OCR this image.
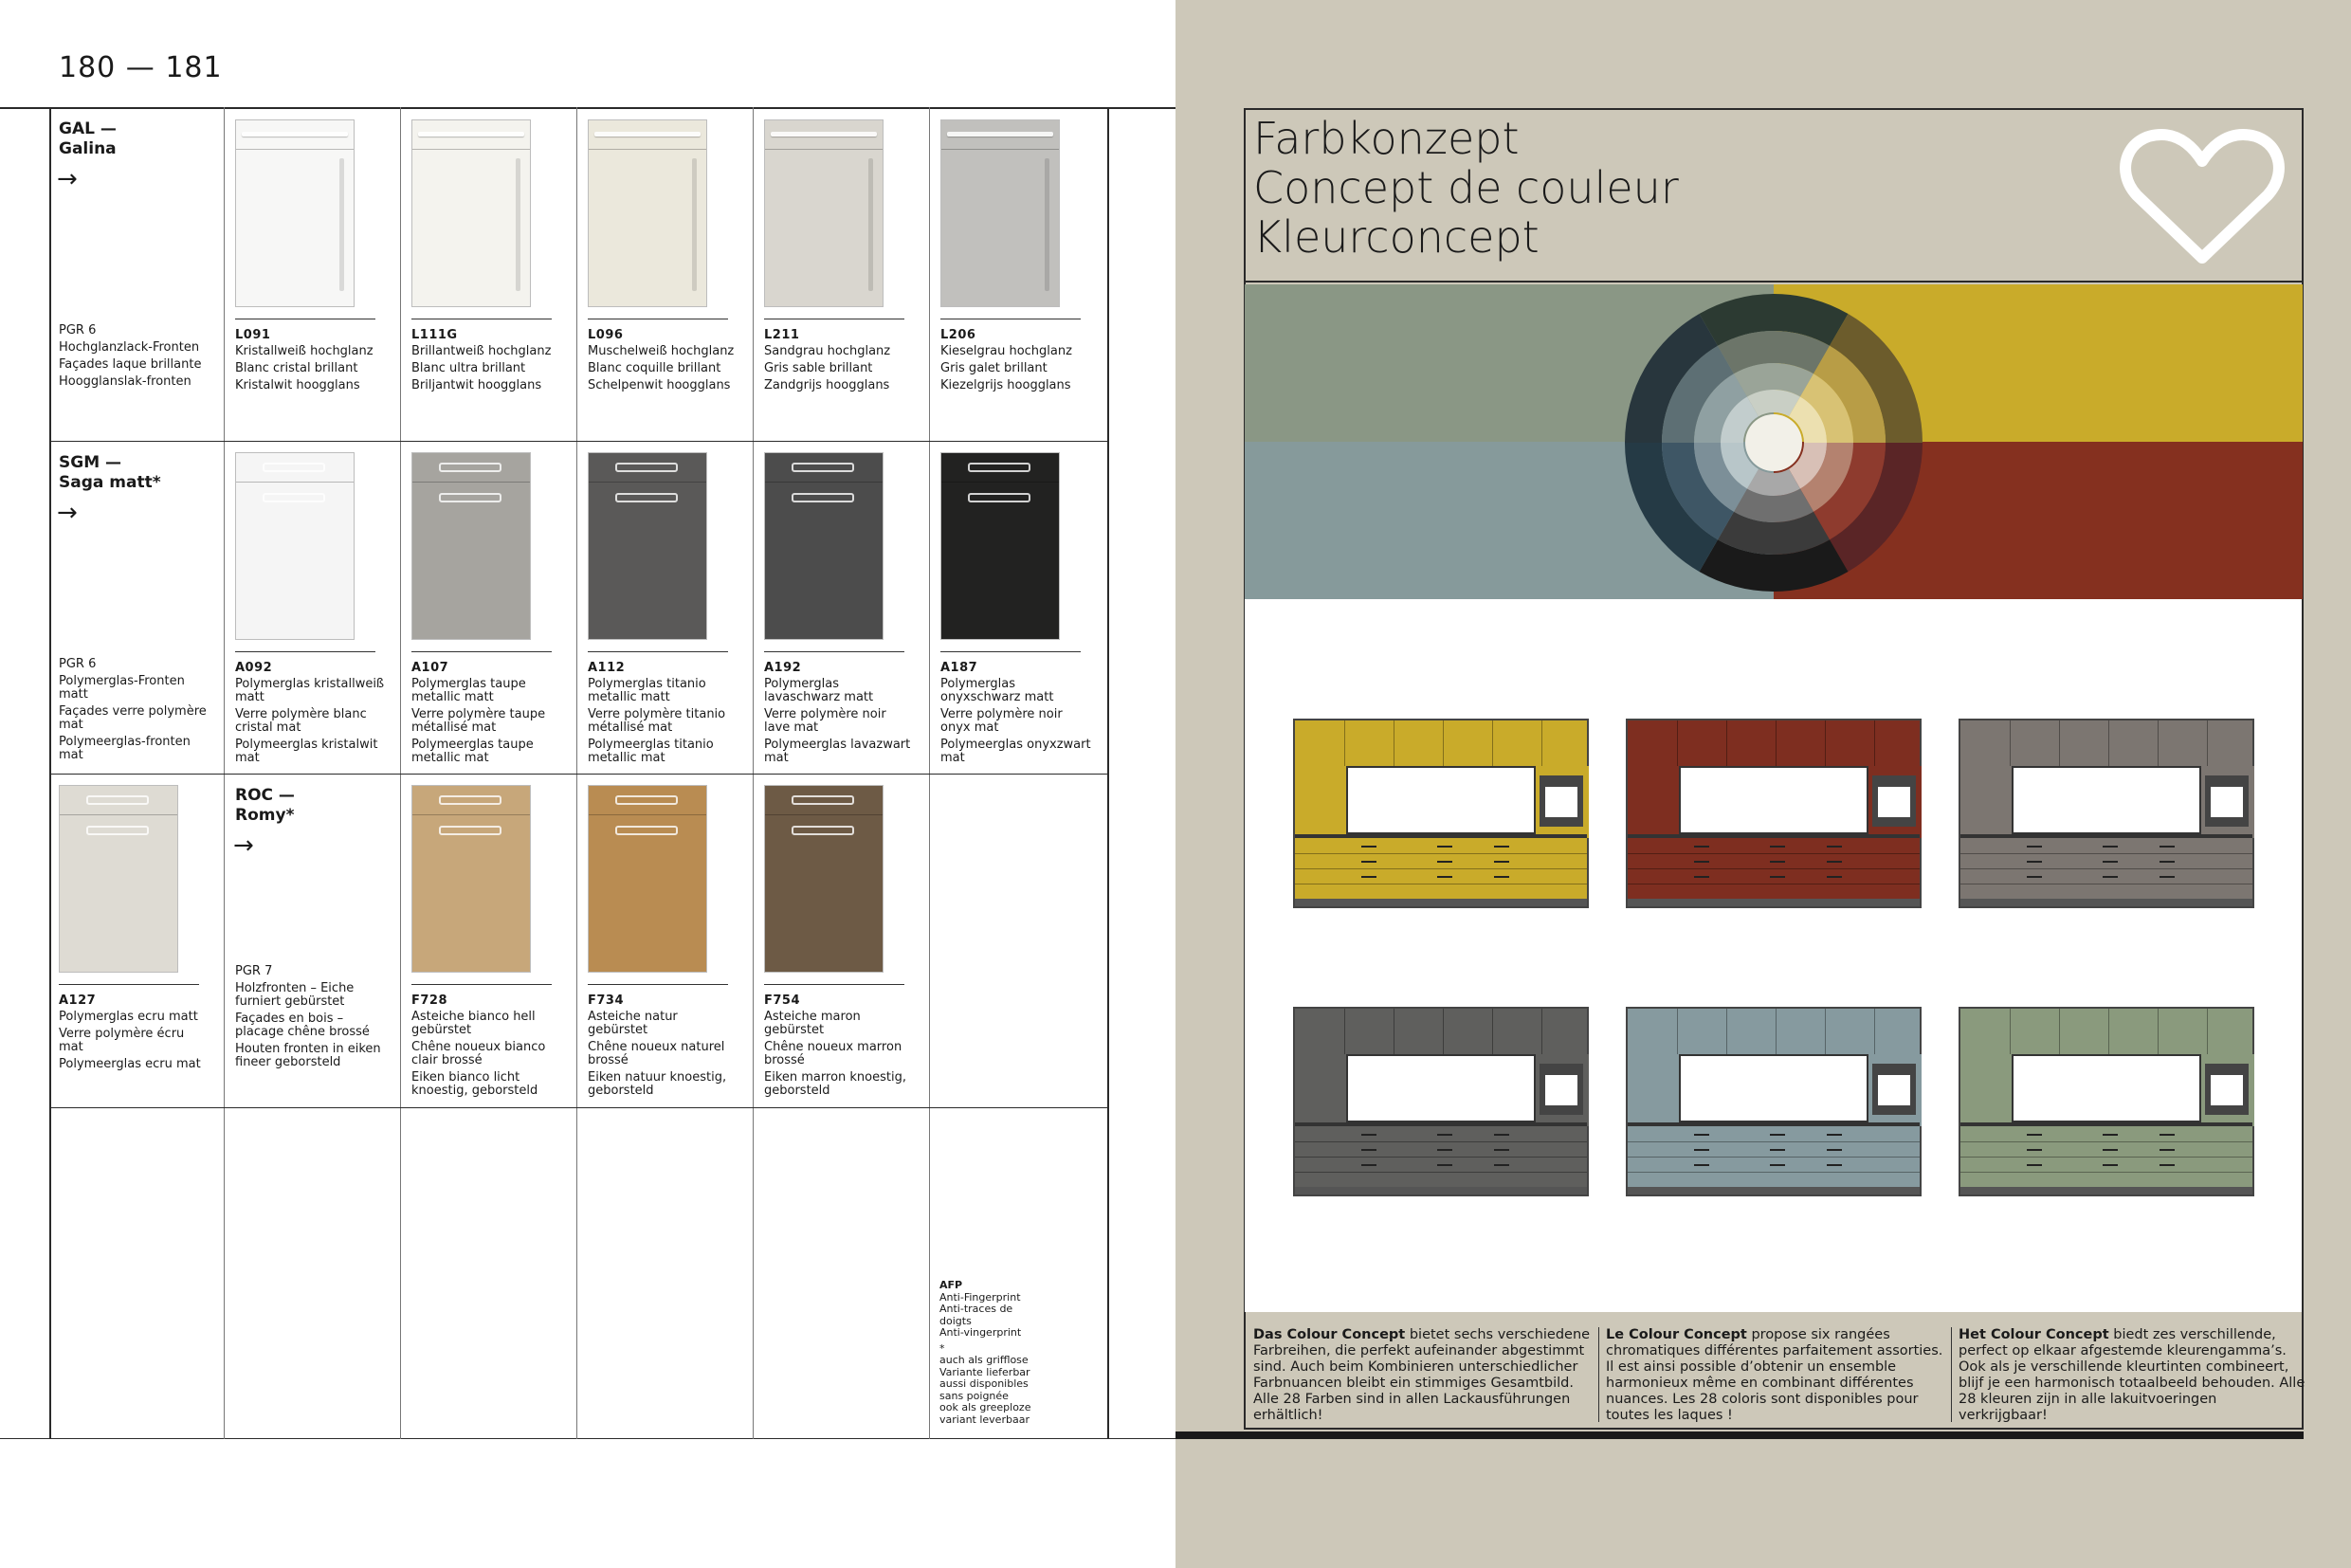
180 — 181
GAL —
Galina
→
PGR 6
Hochglanzlack-Fronten
Façades laque brillante
Hoogglanslak-fronten
L091
Kristallweiß hochglanz
Blanc cristal brillant
Kristalwit hoogglans
L111G
Brillantweiß hochglanz
Blanc ultra brillant
Briljantwit hoogglans
L096
Muschelweiß hochglanz
Blanc coquille brillant
Schelpenwit hoogglans
L211
Sandgrau hochglanz
Gris sable brillant
Zandgrijs hoogglans
L206
Kieselgrau hochglanz
Gris galet brillant
Kiezelgrijs hoogglans
SGM —
Saga matt*
→
PGR 6
Polymerglas-Fronten matt
Façades verre polymère mat
Polymeerglas-fronten mat
A092
Polymerglas kristallweiß matt
Verre polymère blanc cristal mat
Polymeerglas kristalwit mat
A107
Polymerglas taupe metallic matt
Verre polymère taupe métallisé mat
Polymeerglas taupe metallic mat
A112
Polymerglas titanio metallic matt
Verre polymère titanio métallisé mat
Polymeerglas titanio metallic mat
A192
Polymerglas lavaschwarz matt
Verre polymère noir lave mat
Polymeerglas lavazwart mat
A187
Polymerglas onyxschwarz matt
Verre polymère noir onyx mat
Polymeerglas onyxzwart mat
A127
Polymerglas ecru matt
Verre polymère écru mat
Polymeerglas ecru mat
ROC —
Romy*
→
PGR 7
Holzfronten – Eiche furniert gebürstet
Façades en bois – placage chêne brossé
Houten fronten in eiken fineer geborsteld
F728
Asteiche bianco hell gebürstet
Chêne noueux bianco clair brossé
Eiken bianco licht knoestig, geborsteld
F734
Asteiche natur gebürstet
Chêne noueux naturel brossé
Eiken natuur knoestig, geborsteld
F754
Asteiche maron gebürstet
Chêne noueux marron brossé
Eiken marron knoestig, geborsteld
AFP
Anti-Fingerprint
Anti-traces de doigts
Anti-vingerprint
*
auch als grifflose Variante lieferbar
aussi disponibles sans poignée
ook als greeploze variant leverbaar
Farbkonzept
Concept de couleur
Kleurconcept
Das Colour Concept bietet sechs verschiedene Farbreihen, die perfekt aufeinander abgestimmt sind. Auch beim Kombinieren unterschiedlicher Farbnuancen bleibt ein stimmiges Gesamtbild. Alle 28 Farben sind in allen Lackausführungen erhältlich!
Le Colour Concept propose six rangées chromatiques différentes parfaitement assorties. Il est ainsi possible d’obtenir un ensemble harmonieux même en combinant différentes nuances. Les 28 coloris sont disponibles pour toutes les laques !
Het Colour Concept biedt zes verschillende, perfect op elkaar afgestemde kleurengamma’s. Ook als je verschillende kleurtinten combineert, blijf je een harmonisch totaalbeeld behouden. Alle 28 kleuren zijn in alle lakuitvoeringen verkrijgbaar!
